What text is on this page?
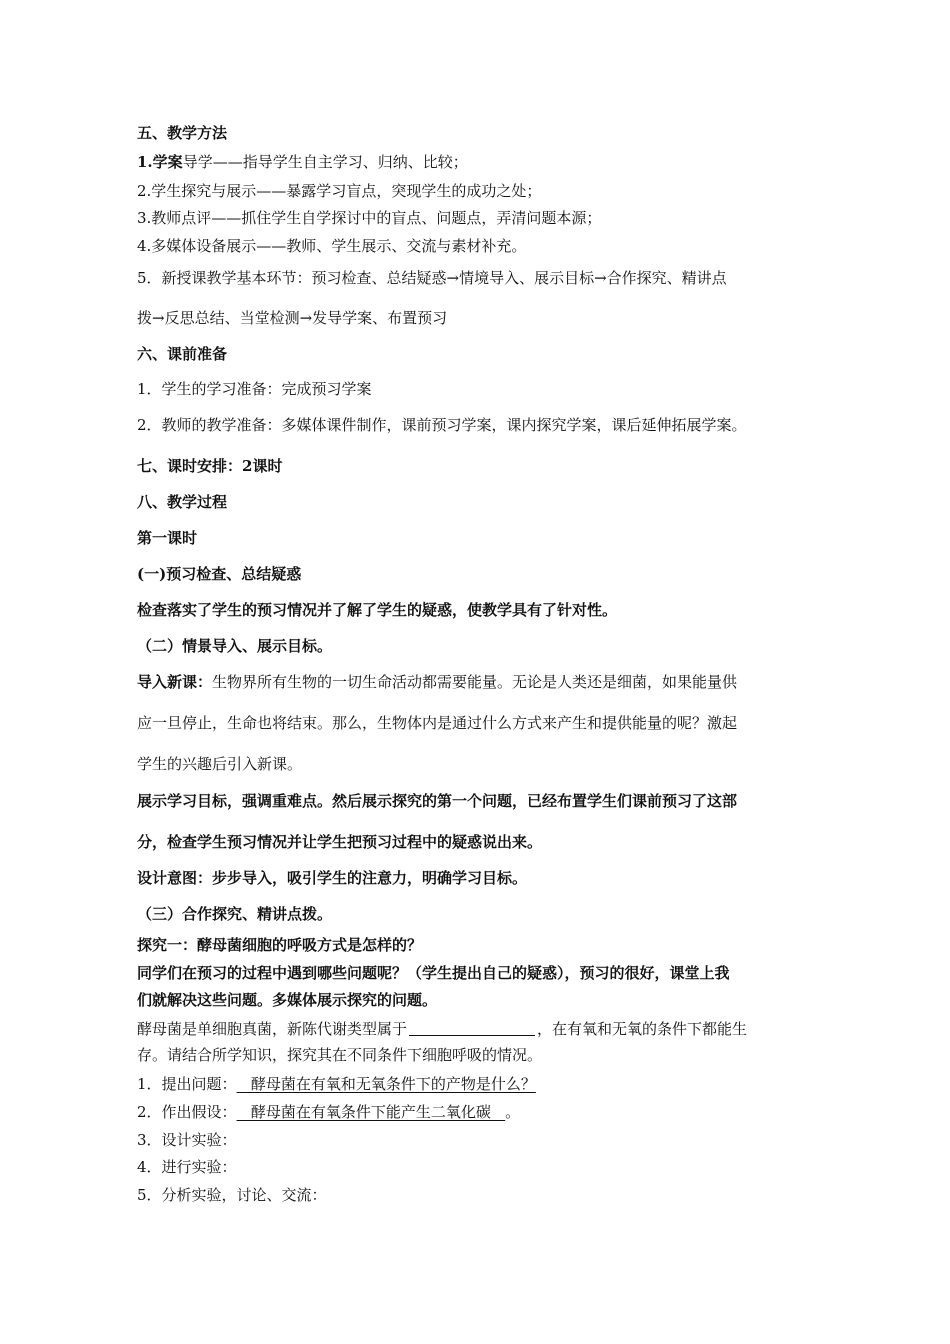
五、教学方法
1.学案导学——指导学生自主学习、归纳、比较；
2.学生探究与展示——暴露学习盲点，突现学生的成功之处；
3.教师点评——抓住学生自学探讨中的盲点、问题点，弄清问题本源；
4.多媒体设备展示——教师、学生展示、交流与素材补充。
5．新授课教学基本环节：预习检查、总结疑惑→情境导入、展示目标→合作探究、精讲点
拨→反思总结、当堂检测→发导学案、布置预习
六、课前准备
1．学生的学习准备：完成预习学案
2．教师的教学准备：多媒体课件制作，课前预习学案，课内探究学案，课后延伸拓展学案。
七、课时安排：2课时
八、教学过程
第一课时
(一)预习检查、总结疑惑
检查落实了学生的预习情况并了解了学生的疑惑，使教学具有了针对性。
（二）情景导入、展示目标。
导入新课：生物界所有生物的一切生命活动都需要能量。无论是人类还是细菌，如果能量供
应一旦停止，生命也将结束。那么，生物体内是通过什么方式来产生和提供能量的呢？激起
学生的兴趣后引入新课。
展示学习目标，强调重难点。然后展示探究的第一个问题，已经布置学生们课前预习了这部
分，检查学生预习情况并让学生把预习过程中的疑惑说出来。
设计意图：步步导入，吸引学生的注意力，明确学习目标。
（三）合作探究、精讲点拨。
探究一：酵母菌细胞的呼吸方式是怎样的？
同学们在预习的过程中遇到哪些问题呢？（学生提出自己的疑惑），预习的很好，课堂上我
们就解决这些问题。多媒体展示探究的问题。
酵母菌是单细胞真菌，新陈代谢类型属于	，在有氧和无氧的条件下都能生
存。请结合所学知识，探究其在不同条件下细胞呼吸的情况。
1．提出问题：   酵母菌在有氧和无氧条件下的产物是什么？
2．作出假设：   酵母菌在有氧条件下能产生二氧化碳   。
3．设计实验：
4．进行实验：
5．分析实验，讨论、交流：
